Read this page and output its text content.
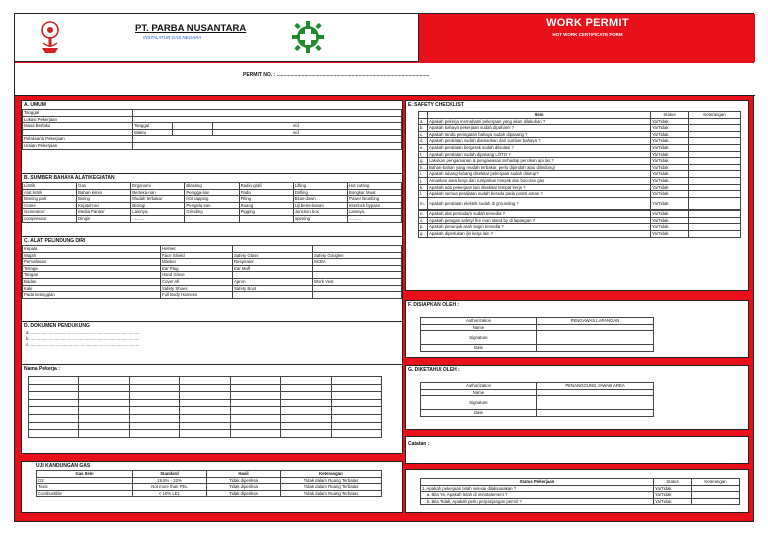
PT. PARBA NUSANTARA
INSTALATUR GAS NEGARA
WORK PERMIT
HOT WORK CERTIFICATE FORM
PERMIT NO. : ..............................................................................................................
A. UMUM
Tanggal	:		
Lokasi Pekerjaan	:		
Masa Berlaku	Tanggal	:	s/d
	Waktu	:	s/d
Pelaksana Pekerjaan	:		
Uraian Pekerjaan	:		
B. SUMBER BAHAYA ALAT/KEGIATAN
Listrik	Gas	Ergonomi	Blasting	Radio-grafi	Lifting	Hot cutting
Alat listrik	Bahan kimia	Berteka-nan	Pengga-lian	Pada	Drilling	Bongkar Muat
Moving part	Bising	Mudah terbakar	Hot tapping	Piling	Blow-down	Power Brushing
Crane	Kejatuh-an	Biologi	Pengela-san	Ruang	Uji berte-kanan	Interlock bypass
Generator/	Media Panas/	Lainnya,	Grinding	Pigging	Junction box	Lainnya,
compressor	Dingin	..........			opening	..........
C. ALAT PELINDUNG DIRI
Kepala	Helmet		
Wajah	Face Shield	Safety Glass	Safety Googles
Pernafasan	Masker	Respirator	SCBA
Telinga	Ear Plug	Ear Muff	
Tangan	Hand Glove		
Badan	Cover All	Apron	Work Vest
Kaki	Safety Shoes	Safety Boot	
Pada ketinggian	Full Body Harness		
D. DOKUMEN PENDUKUNG
a. ...........................................................................................
b. ...........................................................................................
c. ...........................................................................................
Nama Pekerja :

UJI KANDUNGAN GAS
Gas Item	Standard	Hasil	Keterangan
O2	19.5% - 22%	Tidak diperiksa	Tidak dalam Ruang Terbatas
Toxic	Not more than PEL	Tidak diperiksa	Tidak dalam Ruang Terbatas
Combustible	< 10% LEL	Tidak diperiksa	Tidak dalam Ruang Terbatas
E. SAFETY CHECKLIST
	Item	Status	Keterangan
a.	Apakah pekerja memahami pekerjaan yang akan dilakukan ?	Ya/Tidak	
b.	Apakah bahaya pekerjaan sudah dipahami ?	Ya/Tidak	
c.	Apakah tanda peringatan bahaya sudah dipasang ?	Ya/Tidak	
d.	Apakah peralatan sudah diamankan dari sumber bahaya ?	Ya/Tidak	
e.	Apakah peralatan bergerak sudah diisolasi ?	Ya/Tidak	
f.	Apakah peralatan sudah dipasang LOTO ?	Ya/Tidak	
g.	Lakukan pengamanan & pengawasan terhadap percikan api las ?	Ya/Tidak	
h.	Bahan-bahan yang mudah terbakar, perlu dipindah atau dilindungi	Ya/Tidak	
i.	Apakah lubang-lubang disekitar pekerjaan sudah ditutup?	Ya/Tidak	
j.	Amankan area kerja dari tumpahan minyak dan bocoran gas	Ya/Tidak	
k.	Apakah ada pekerjaan lain disekitar tempat kerja ?	Ya/Tidak	
l.	Apakah semua peralatan sudah berada pada posisi aman ?	Ya/Tidak	
m.	Apakah peralatan elektrik sudah di grounding ?	Ya/Tidak	
n.	Apakah alat pemadam sudah tersedia ?	Ya/Tidak	
o.	Apakah petugas safety/ fire man stand by di lapangan ?	Ya/Tidak	
p.	Apakah penunjuk arah angin tersedia ?	Ya/Tidak	
q.	Apakah diperlukan ijin kerja lain ?	Ya/Tidak	
F. DISIAPKAN OLEH :
Authorization	PENGAWAS LAPANGAN
Name	
Signature	
Date	
G. DIKETAHUI OLEH :
Authorization	PENANGGUNG JAWAB AREA
Name	
Signature	
Date	
Catatan :
Status Pekerjaan	Status	Keterangan
1. Apakah pekerjaan telah selesai dilaksanakan ?	Ya/Tidak	
a. Bila Ya, Apakah telah di reinstatement ?	Ya/Tidak	
b. Bila Tidak, Apakah perlu perpanjangan permit ?	Ya/Tidak	
